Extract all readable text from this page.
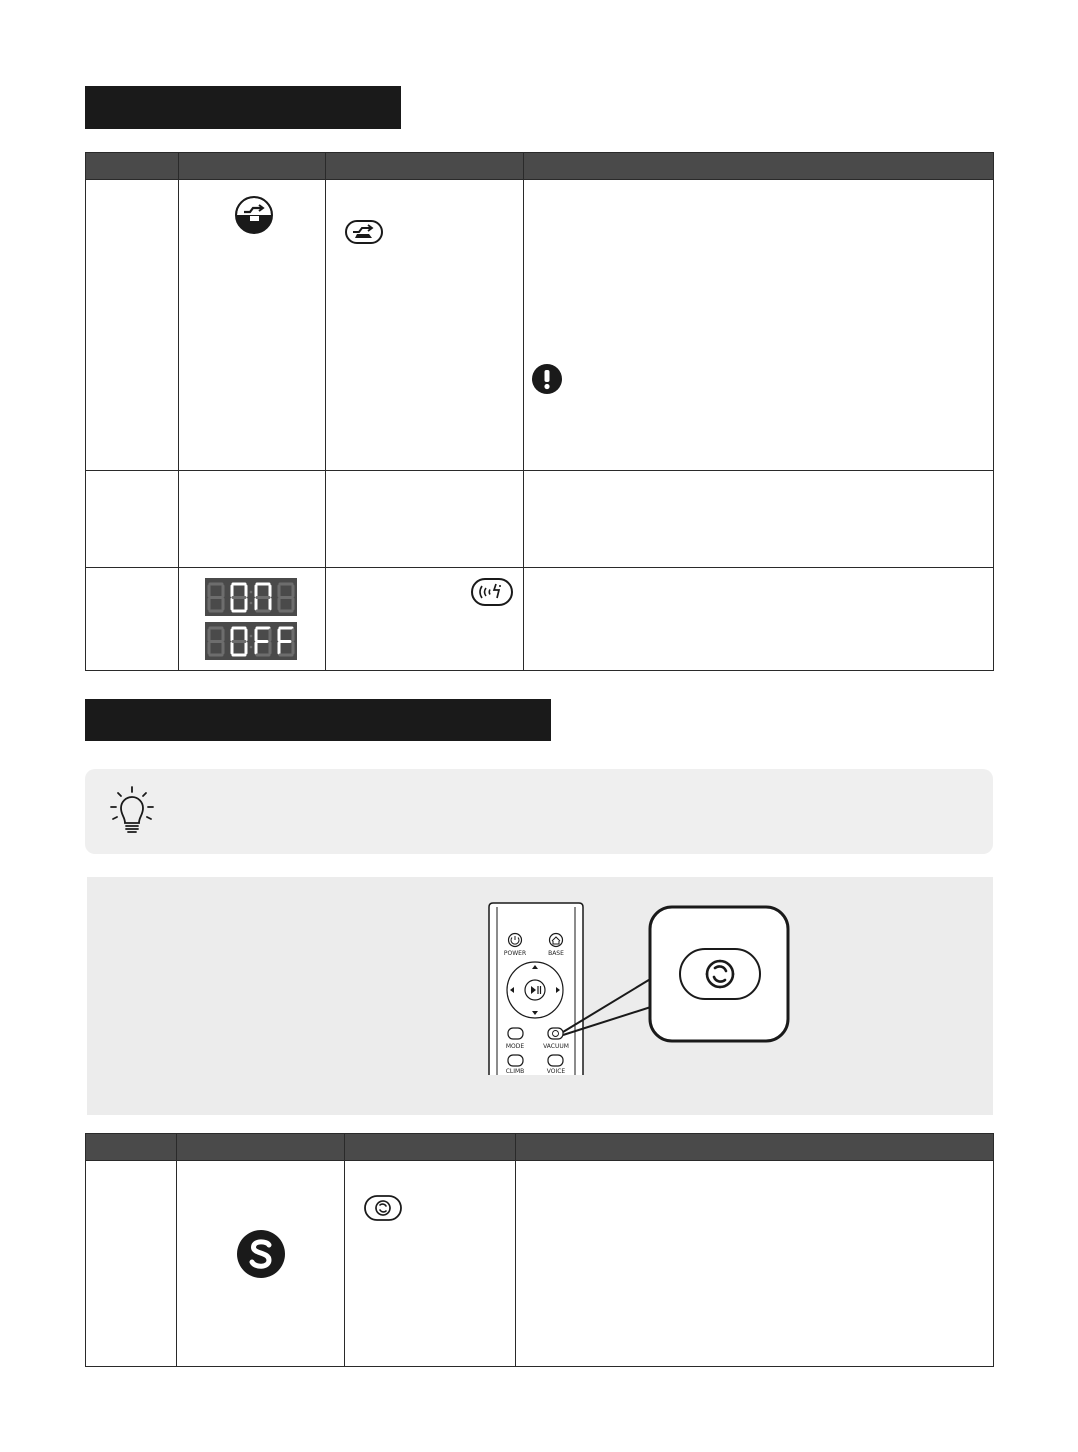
POWER	BASE
MODE	VACUUM
CLIMB	VOICE
